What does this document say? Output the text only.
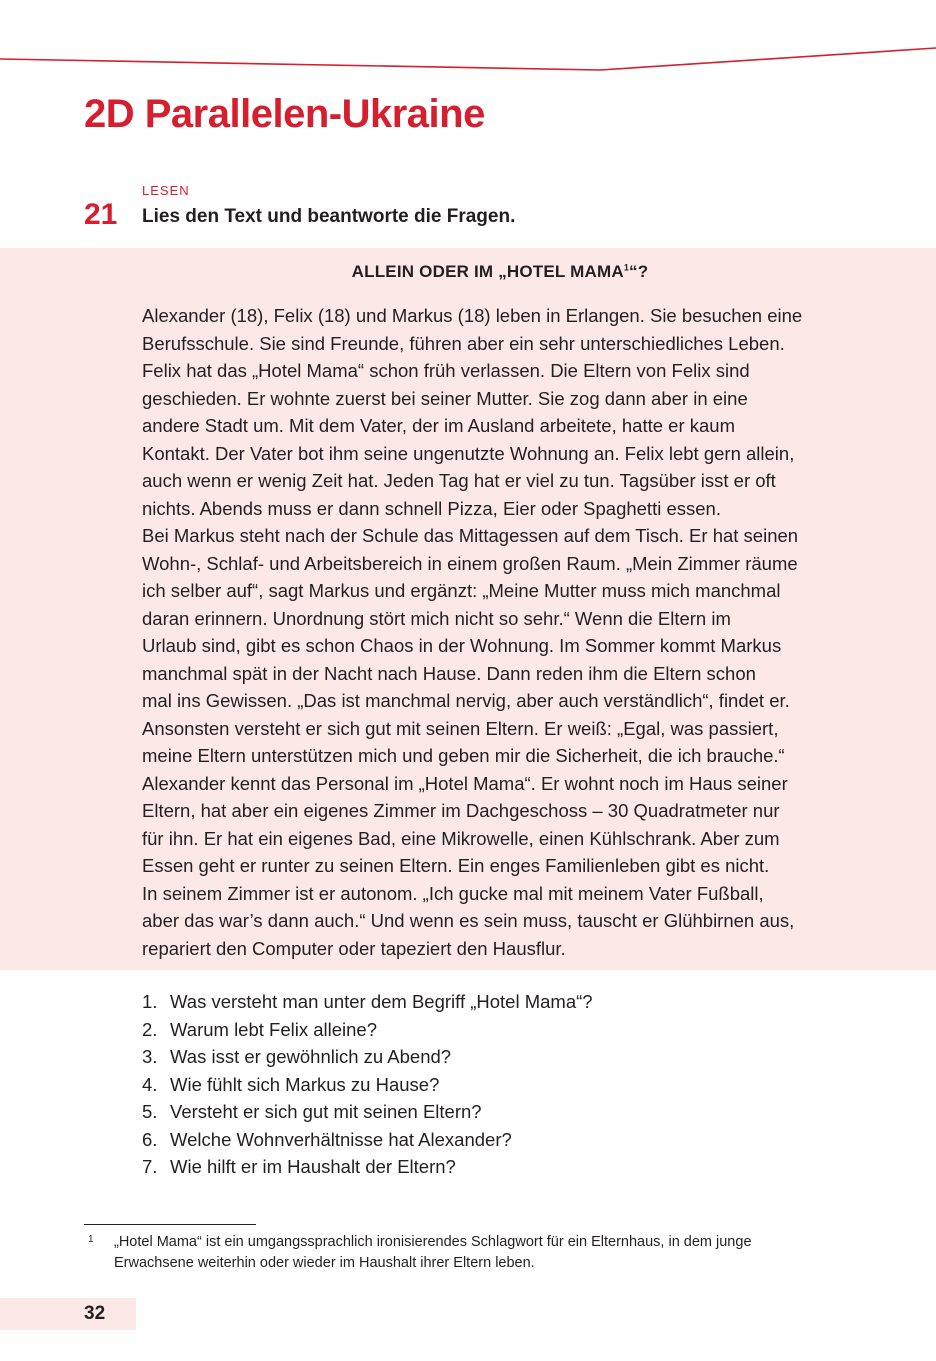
2D Parallelen-Ukraine
LESEN
21 Lies den Text und beantworte die Fragen.
ALLEIN ODER IM „HOTEL MAMA$^1$“?
Alexander (18), Felix (18) und Markus (18) leben in Erlangen. Sie besuchen eine
Berufsschule. Sie sind Freunde, führen aber ein sehr unterschiedliches Leben.
Felix hat das „Hotel Mama“ schon früh verlassen. Die Eltern von Felix sind
geschieden. Er wohnte zuerst bei seiner Mutter. Sie zog dann aber in eine
andere Stadt um. Mit dem Vater, der im Ausland arbeitete, hatte er kaum
Kontakt. Der Vater bot ihm seine ungenutzte Wohnung an. Felix lebt gern allein,
auch wenn er wenig Zeit hat. Jeden Tag hat er viel zu tun. Tagsüber isst er oft
nichts. Abends muss er dann schnell Pizza, Eier oder Spaghetti essen.
Bei Markus steht nach der Schule das Mittagessen auf dem Tisch. Er hat seinen
Wohn-, Schlaf- und Arbeitsbereich in einem großen Raum. „Mein Zimmer räume
ich selber auf“, sagt Markus und ergänzt: „Meine Mutter muss mich manchmal
daran erinnern. Unordnung stört mich nicht so sehr.“ Wenn die Eltern im
Urlaub sind, gibt es schon Chaos in der Wohnung. Im Sommer kommt Markus
manchmal spät in der Nacht nach Hause. Dann reden ihm die Eltern schon
mal ins Gewissen. „Das ist manchmal nervig, aber auch verständlich“, findet er.
Ansonsten versteht er sich gut mit seinen Eltern. Er weiß: „Egal, was passiert,
meine Eltern unterstützen mich und geben mir die Sicherheit, die ich brauche.“
Alexander kennt das Personal im „Hotel Mama“. Er wohnt noch im Haus seiner
Eltern, hat aber ein eigenes Zimmer im Dachgeschoss – 30 Quadratmeter nur
für ihn. Er hat ein eigenes Bad, eine Mikrowelle, einen Kühlschrank. Aber zum
Essen geht er runter zu seinen Eltern. Ein enges Familienleben gibt es nicht.
In seinem Zimmer ist er autonom. „Ich gucke mal mit meinem Vater Fußball,
aber das war’s dann auch.“ Und wenn es sein muss, tauscht er Glühbirnen aus,
repariert den Computer oder tapeziert den Hausflur.
1. Was versteht man unter dem Begriff „Hotel Mama“?
2. Warum lebt Felix alleine?
3. Was isst er gewöhnlich zu Abend?
4. Wie fühlt sich Markus zu Hause?
5. Versteht er sich gut mit seinen Eltern?
6. Welche Wohnverhältnisse hat Alexander?
7. Wie hilft er im Haushalt der Eltern?
1 „Hotel Mama“ ist ein umgangssprachlich ironisierendes Schlagwort für ein Elternhaus, in dem junge
Erwachsene weiterhin oder wieder im Haushalt ihrer Eltern leben.
32
